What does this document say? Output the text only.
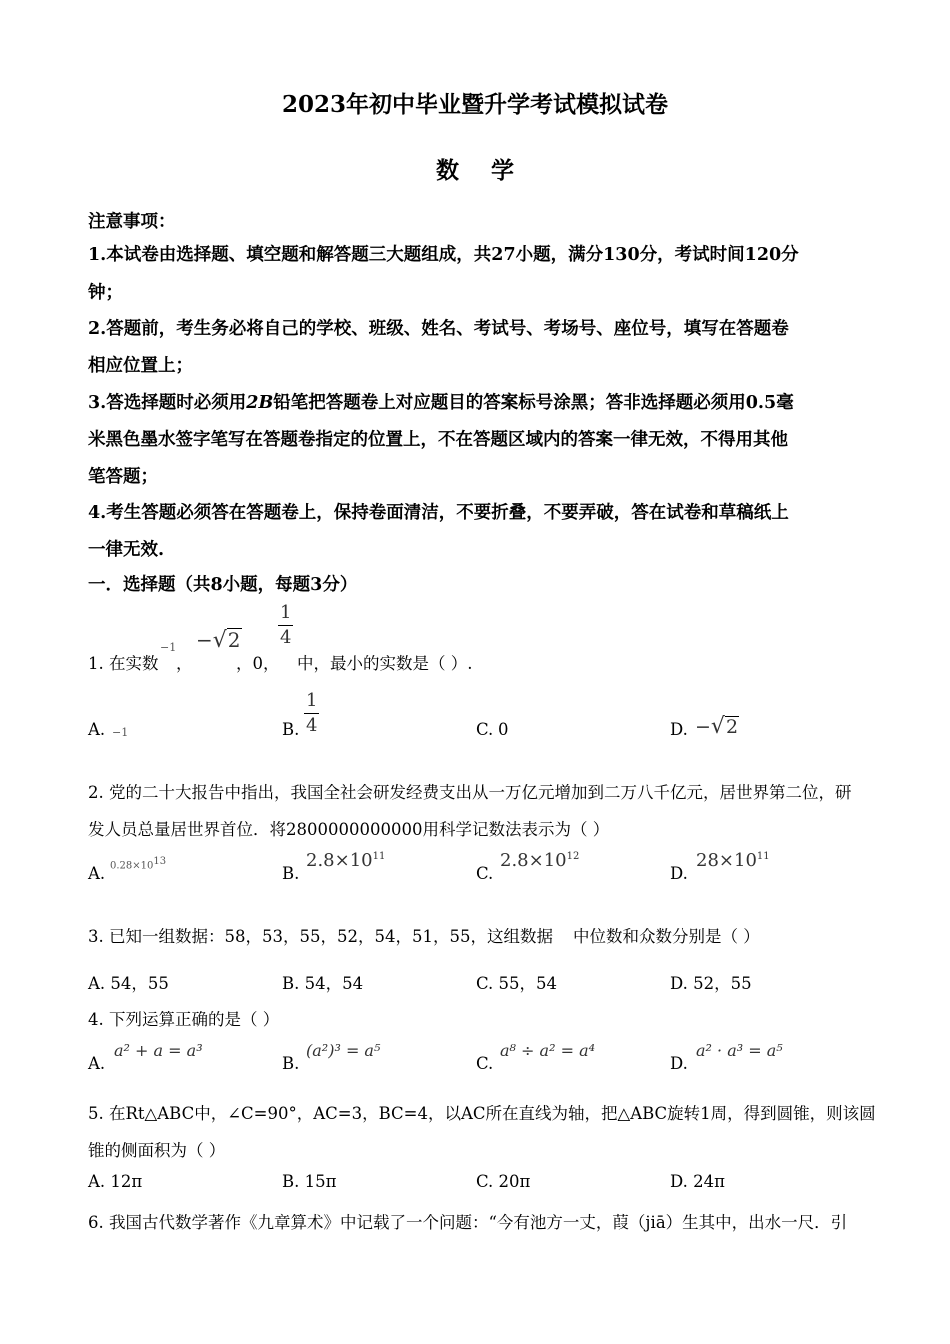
2023年初中毕业暨升学考试模拟试卷
数    学
注意事项：
1.本试卷由选择题、填空题和解答题三大题组成，共27小题，满分130分，考试时间120分
钟；
2.答题前，考生务必将自己的学校、班级、姓名、考试号、考场号、座位号，填写在答题卷
相应位置上；
3.答选择题时必须用2B铅笔把答题卷上对应题目的答案标号涂黑；答非选择题必须用0.5毫
米黑色墨水签字笔写在答题卷指定的位置上，不在答题区域内的答案一律无效，不得用其他
笔答题；
4.考生答题必须答在答题卷上，保持卷面清洁，不要折叠，不要弄破，答在试卷和草稿纸上
一律无效.
一．选择题（共8小题，每题3分）
1. 在实数
−1
，
−√2
，0，
$\frac{1}{4}$
中，最小的实数是（ ）.
A. −1	B. $\frac{1}{4}$	C. 0	D. −√2
2. 党的二十大报告中指出，我国全社会研发经费支出从一万亿元增加到二万八千亿元，居世界第二位，研
发人员总量居世界首位．将2800000000000用科学记数法表示为（ ）
A. $0.28\times 10^{13}$
B.
$2.8\times 10^{11}$
C.
$2.8\times 10^{12}$
D.
$28\times 10^{11}$
3. 已知一组数据：58，53，55，52，54，51，55，这组数据 中位数和众数分别是（ ）
A. 54，55	B. 54，54	C. 55，54	D. 52，55
4. 下列运算正确的是（ ）
A.
a² + a = a³
B.
(a²)³ = a⁵
C.
a⁸ ÷ a² = a⁴
D.
a² · a³ = a⁵
5. 在Rt△ABC中，∠C=90°，AC=3，BC=4，以AC所在直线为轴，把△ABC旋转1周，得到圆锥，则该圆
锥的侧面积为（ ）
A. 12π	B. 15π	C. 20π	D. 24π
6. 我国古代数学著作《九章算术》中记载了一个问题：“今有池方一丈，葭（jiā）生其中，出水一尺．引
